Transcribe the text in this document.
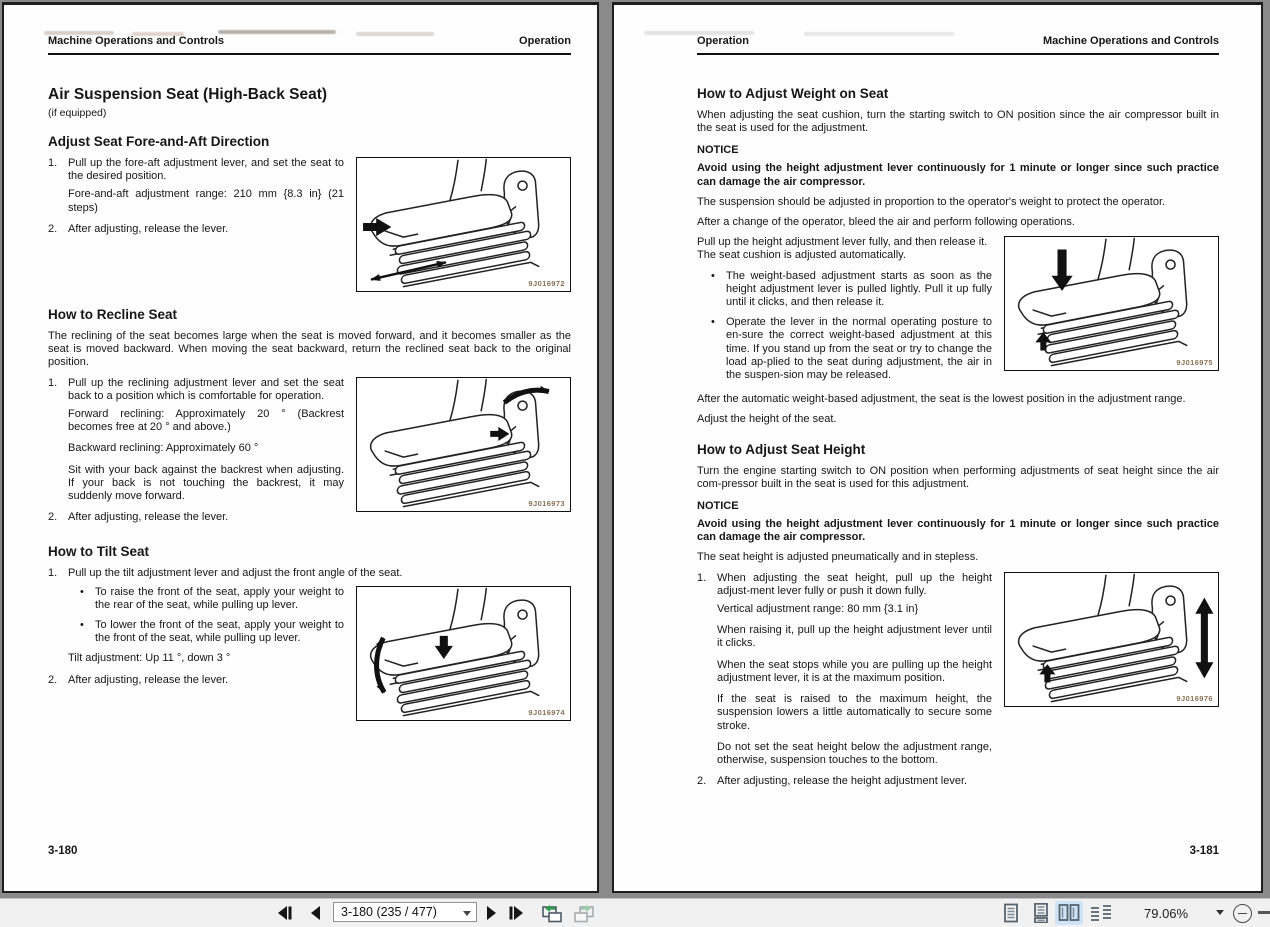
Machine Operations and Controls	Operation
Air Suspension Seat (High-Back Seat)
(if equipped)
Adjust Seat Fore-and-Aft Direction
1. Pull up the fore-aft adjustment lever, and set the seat to the desired position.
Fore-and-aft adjustment range: 210 mm {8.3 in} (21 steps)
2. After adjusting, release the lever.
9J016972
How to Recline Seat
The reclining of the seat becomes large when the seat is moved forward, and it becomes smaller as the seat is moved backward. When moving the seat backward, return the reclined seat back to the original position.
1. Pull up the reclining adjustment lever and set the seat back to a position which is comfortable for operation.
Forward reclining: Approximately 20 ° (Backrest becomes free at 20 ° and above.)
Backward reclining: Approximately 60 °
Sit with your back against the backrest when adjusting. If your back is not touching the backrest, it may suddenly move forward.
2. After adjusting, release the lever.
9J016973
How to Tilt Seat
1. Pull up the tilt adjustment lever and adjust the front angle of the seat.
• To raise the front of the seat, apply your weight to the rear of the seat, while pulling up lever.
• To lower the front of the seat, apply your weight to the front of the seat, while pulling up lever.
Tilt adjustment: Up 11 °, down 3 °
2. After adjusting, release the lever.
9J016974
3-180
Operation	Machine Operations and Controls
How to Adjust Weight on Seat
When adjusting the seat cushion, turn the starting switch to ON position since the air compressor built in the seat is used for the adjustment.
NOTICE
Avoid using the height adjustment lever continuously for 1 minute or longer since such practice can damage the air compressor.
The suspension should be adjusted in proportion to the operator's weight to protect the operator.
After a change of the operator, bleed the air and perform following operations.
Pull up the height adjustment lever fully, and then release it.
The seat cushion is adjusted automatically.
• The weight-based adjustment starts as soon as the height adjustment lever is pulled lightly. Pull it up fully until it clicks, and then release it.
• Operate the lever in the normal operating posture to en-sure the correct weight-based adjustment at this time. If you stand up from the seat or try to change the load ap-plied to the seat during adjustment, the air in the suspen-sion may be released.
9J016975
After the automatic weight-based adjustment, the seat is the lowest position in the adjustment range.
Adjust the height of the seat.
How to Adjust Seat Height
Turn the engine starting switch to ON position when performing adjustments of seat height since the air com-pressor built in the seat is used for this adjustment.
NOTICE
Avoid using the height adjustment lever continuously for 1 minute or longer since such practice can damage the air compressor.
The seat height is adjusted pneumatically and in stepless.
1. When adjusting the seat height, pull up the height adjust-ment lever fully or push it down fully.
Vertical adjustment range: 80 mm {3.1 in}
When raising it, pull up the height adjustment lever until it clicks.
When the seat stops while you are pulling up the height adjustment lever, it is at the maximum position.
If the seat is raised to the maximum height, the suspension lowers a little automatically to secure some stroke.
Do not set the seat height below the adjustment range, otherwise, suspension touches to the bottom.
2. After adjusting, release the height adjustment lever.
9J016976
3-181
3-180 (235 / 477)	79.06%
